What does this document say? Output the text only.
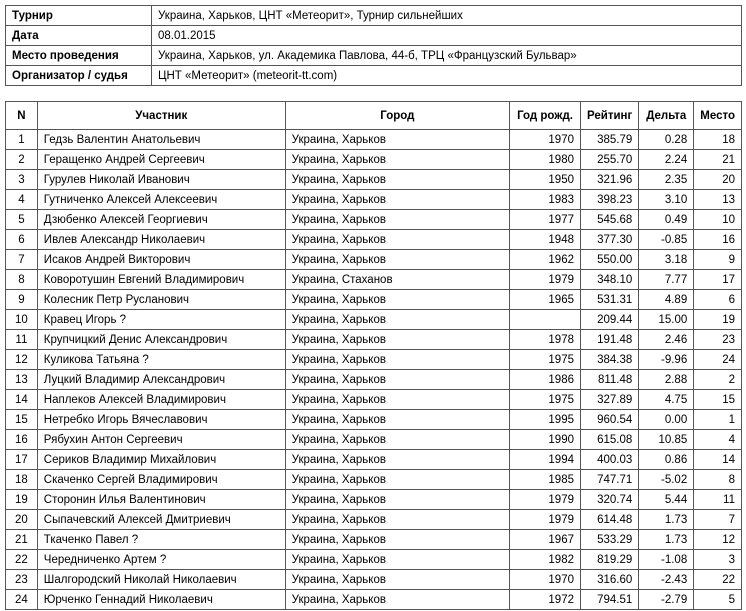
Турнир	Украина, Харьков, ЦНТ «Метеорит», Турнир сильнейших
Дата	08.01.2015
Место проведения	Украина, Харьков, ул. Академика Павлова, 44-б, ТРЦ «Французский Бульвар»
Организатор / судья	ЦНТ «Метеорит» (meteorit-tt.com)
N	Участник	Город	Год рожд.	Рейтинг	Дельта	Место
1	Гедзь Валентин Анатольевич	Украина, Харьков	1970	385.79	0.28	18
2	Геращенко Андрей Сергеевич	Украина, Харьков	1980	255.70	2.24	21
3	Гурулев Николай Иванович	Украина, Харьков	1950	321.96	2.35	20
4	Гутниченко Алексей Алексеевич	Украина, Харьков	1983	398.23	3.10	13
5	Дзюбенко Алексей Георгиевич	Украина, Харьков	1977	545.68	0.49	10
6	Ивлев Александр Николаевич	Украина, Харьков	1948	377.30	-0.85	16
7	Исаков Андрей Викторович	Украина, Харьков	1962	550.00	3.18	9
8	Коворотушин Евгений Владимирович	Украина, Стаханов	1979	348.10	7.77	17
9	Колесник Петр Русланович	Украина, Харьков	1965	531.31	4.89	6
10	Кравец Игорь ?	Украина, Харьков		209.44	15.00	19
11	Крупчицкий Денис Александрович	Украина, Харьков	1978	191.48	2.46	23
12	Куликова Татьяна ?	Украина, Харьков	1975	384.38	-9.96	24
13	Луцкий Владимир Александрович	Украина, Харьков	1986	811.48	2.88	2
14	Наплеков Алексей Владимирович	Украина, Харьков	1975	327.89	4.75	15
15	Нетребко Игорь Вячеславович	Украина, Харьков	1995	960.54	0.00	1
16	Рябухин Антон Сергеевич	Украина, Харьков	1990	615.08	10.85	4
17	Сериков Владимир Михайлович	Украина, Харьков	1994	400.03	0.86	14
18	Скаченко Сергей Владимирович	Украина, Харьков	1985	747.71	-5.02	8
19	Сторонин Илья Валентинович	Украина, Харьков	1979	320.74	5.44	11
20	Сыпачевский Алексей Дмитриевич	Украина, Харьков	1979	614.48	1.73	7
21	Ткаченко Павел ?	Украина, Харьков	1967	533.29	1.73	12
22	Чередниченко Артем ?	Украина, Харьков	1982	819.29	-1.08	3
23	Шалгородский Николай Николаевич	Украина, Харьков	1970	316.60	-2.43	22
24	Юрченко Геннадий Николаевич	Украина, Харьков	1972	794.51	-2.79	5
